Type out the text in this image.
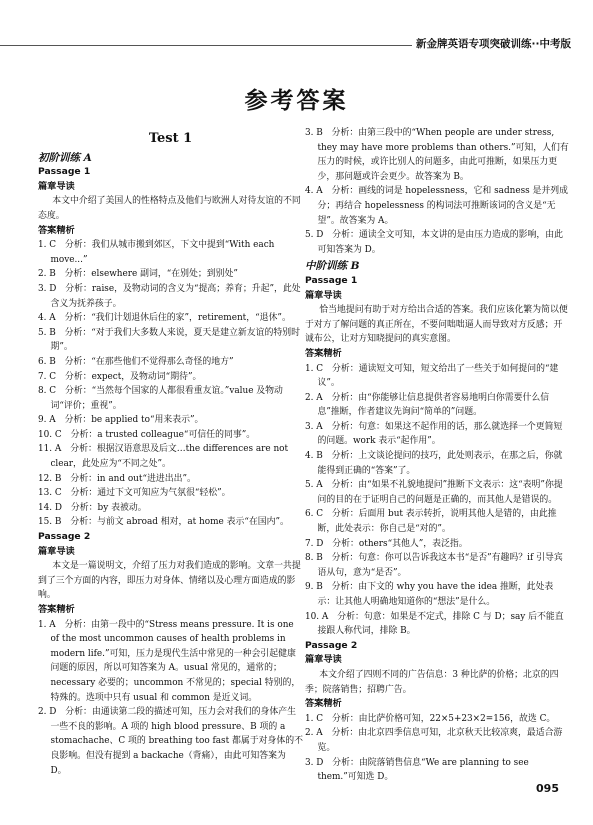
新金牌英语专项突破训练··中考版
参考答案
Test 1
初阶训练 A
Passage 1
篇章导读

本文中介绍了美国人的性格特点及他们与欧洲人对待友谊的不同态度。

答案精析

1. C　分析：我们从城市搬到郊区，下文中提到“With each move...”

2. B　分析：elsewhere 副词，“在别处；到别处”

3. D　分析：raise，及物动词的含义为“提高；养育；升起”，此处含义为抚养孩子。

4. A　分析：“我们计划退休后住的家”，retirement，“退休”。

5. B　分析：“对于我们大多数人来说，夏天是建立新友谊的特别时期”。

6. B　分析：“在那些他们不觉得那么奇怪的地方”

7. C　分析：expect，及物动词“期待”。

8. C　分析：“当然每个国家的人都很看重友谊。”value 及物动词“评价；重视”。

9. A　分析：be applied to“用来表示”。

10. C　分析：a trusted colleague“可信任的同事”。

11. A　分析：根据汉语意思及后文…the differences are not clear，此处应为“不同之处”。

12. B　分析：in and out“进进出出”。

13. C　分析：通过下文可知应为气氛很“轻松”。

14. D　分析：by 表被动。

15. B　分析：与前文 abroad 相对，at home 表示“在国内”。

Passage 2
篇章导读

本文是一篇说明文，介绍了压力对我们造成的影响。文章一共提到了三个方面的内容，即压力对身体、情绪以及心理方面造成的影响。

答案精析

1. A　分析：由第一段中的“Stress means pressure. It is one of the most uncommon causes of health problems in modern life.”可知，压力是现代生活中常见的一种会引起健康问题的原因，所以可知答案为 A。usual 常见的，通常的；necessary 必要的；uncommon 不常见的；special 特别的，特殊的。选项中只有 usual 和 common 是近义词。

2. D　分析：由通读第二段的描述可知，压力会对我们的身体产生一些不良的影响。A 项的 high blood pressure、B 项的 a stomachache、C 项的 breathing too fast 都属于对身体的不良影响。但没有提到 a backache（背痛），由此可知答案为 D。

3. B　分析：由第三段中的“When people are under stress, they may have more problems than others.”可知，人们有压力的时候，或许比别人的问题多，由此可推断，如果压力更少，那问题或许会更少。故答案为 B。

4. A　分析：画线的词是 hopelessness，它和 sadness 是并列成分；再结合 hopelessness 的构词法可推断该词的含义是“无望”。故答案为 A。

5. D　分析：通读全文可知，本文讲的是由压力造成的影响，由此可知答案为 D。

中阶训练 B
Passage 1
篇章导读

恰当地提问有助于对方给出合适的答案。我们应该化繁为简以便于对方了解问题的真正所在，不要问咄咄逼人而导致对方反感；开诚布公，让对方知晓提问的真实意图。

答案精析

1. C　分析：通读短文可知，短文给出了一些关于如何提问的“建议”。

2. A　分析：由“你能够让信息提供者容易地明白你需要什么信息”推断，作者建议先询问“简单的”问题。

3. A　分析：句意：如果这不起作用的话，那么就选择一个更简短的问题。work 表示“起作用”。

4. B　分析：上文谈论提问的技巧，此处则表示，在那之后，你就能得到正确的“答案”了。

5. A　分析：由“如果不礼貌地提问”推断下文表示：这“表明”你提问的目的在于证明自己的问题是正确的，而其他人是错误的。

6. C　分析：后面用 but 表示转折，说明其他人是错的，由此推断，此处表示：你自己是“对的”。

7. D　分析：others“其他人”，表泛指。

8. B　分析：句意：你可以告诉我这本书“是否”有趣吗？if 引导宾语从句，意为“是否”。

9. B　分析：由下文的 why you have the idea 推断，此处表示：让其他人明确地知道你的“想法”是什么。

10. A　分析：句意：如果是不定式，排除 C 与 D；say 后不能直接跟人称代词，排除 B。

Passage 2
篇章导读

本文介绍了四则不同的广告信息：3 种比萨的价格；北京的四季；院落销售；招聘广告。

答案精析

1. C　分析：由比萨价格可知，22×5+23×2=156，故选 C。

2. A　分析：由北京四季信息可知，北京秋天比较凉爽，最适合游览。

3. D　分析：由院落销售信息“We are planning to see them.”可知选 D。

095
